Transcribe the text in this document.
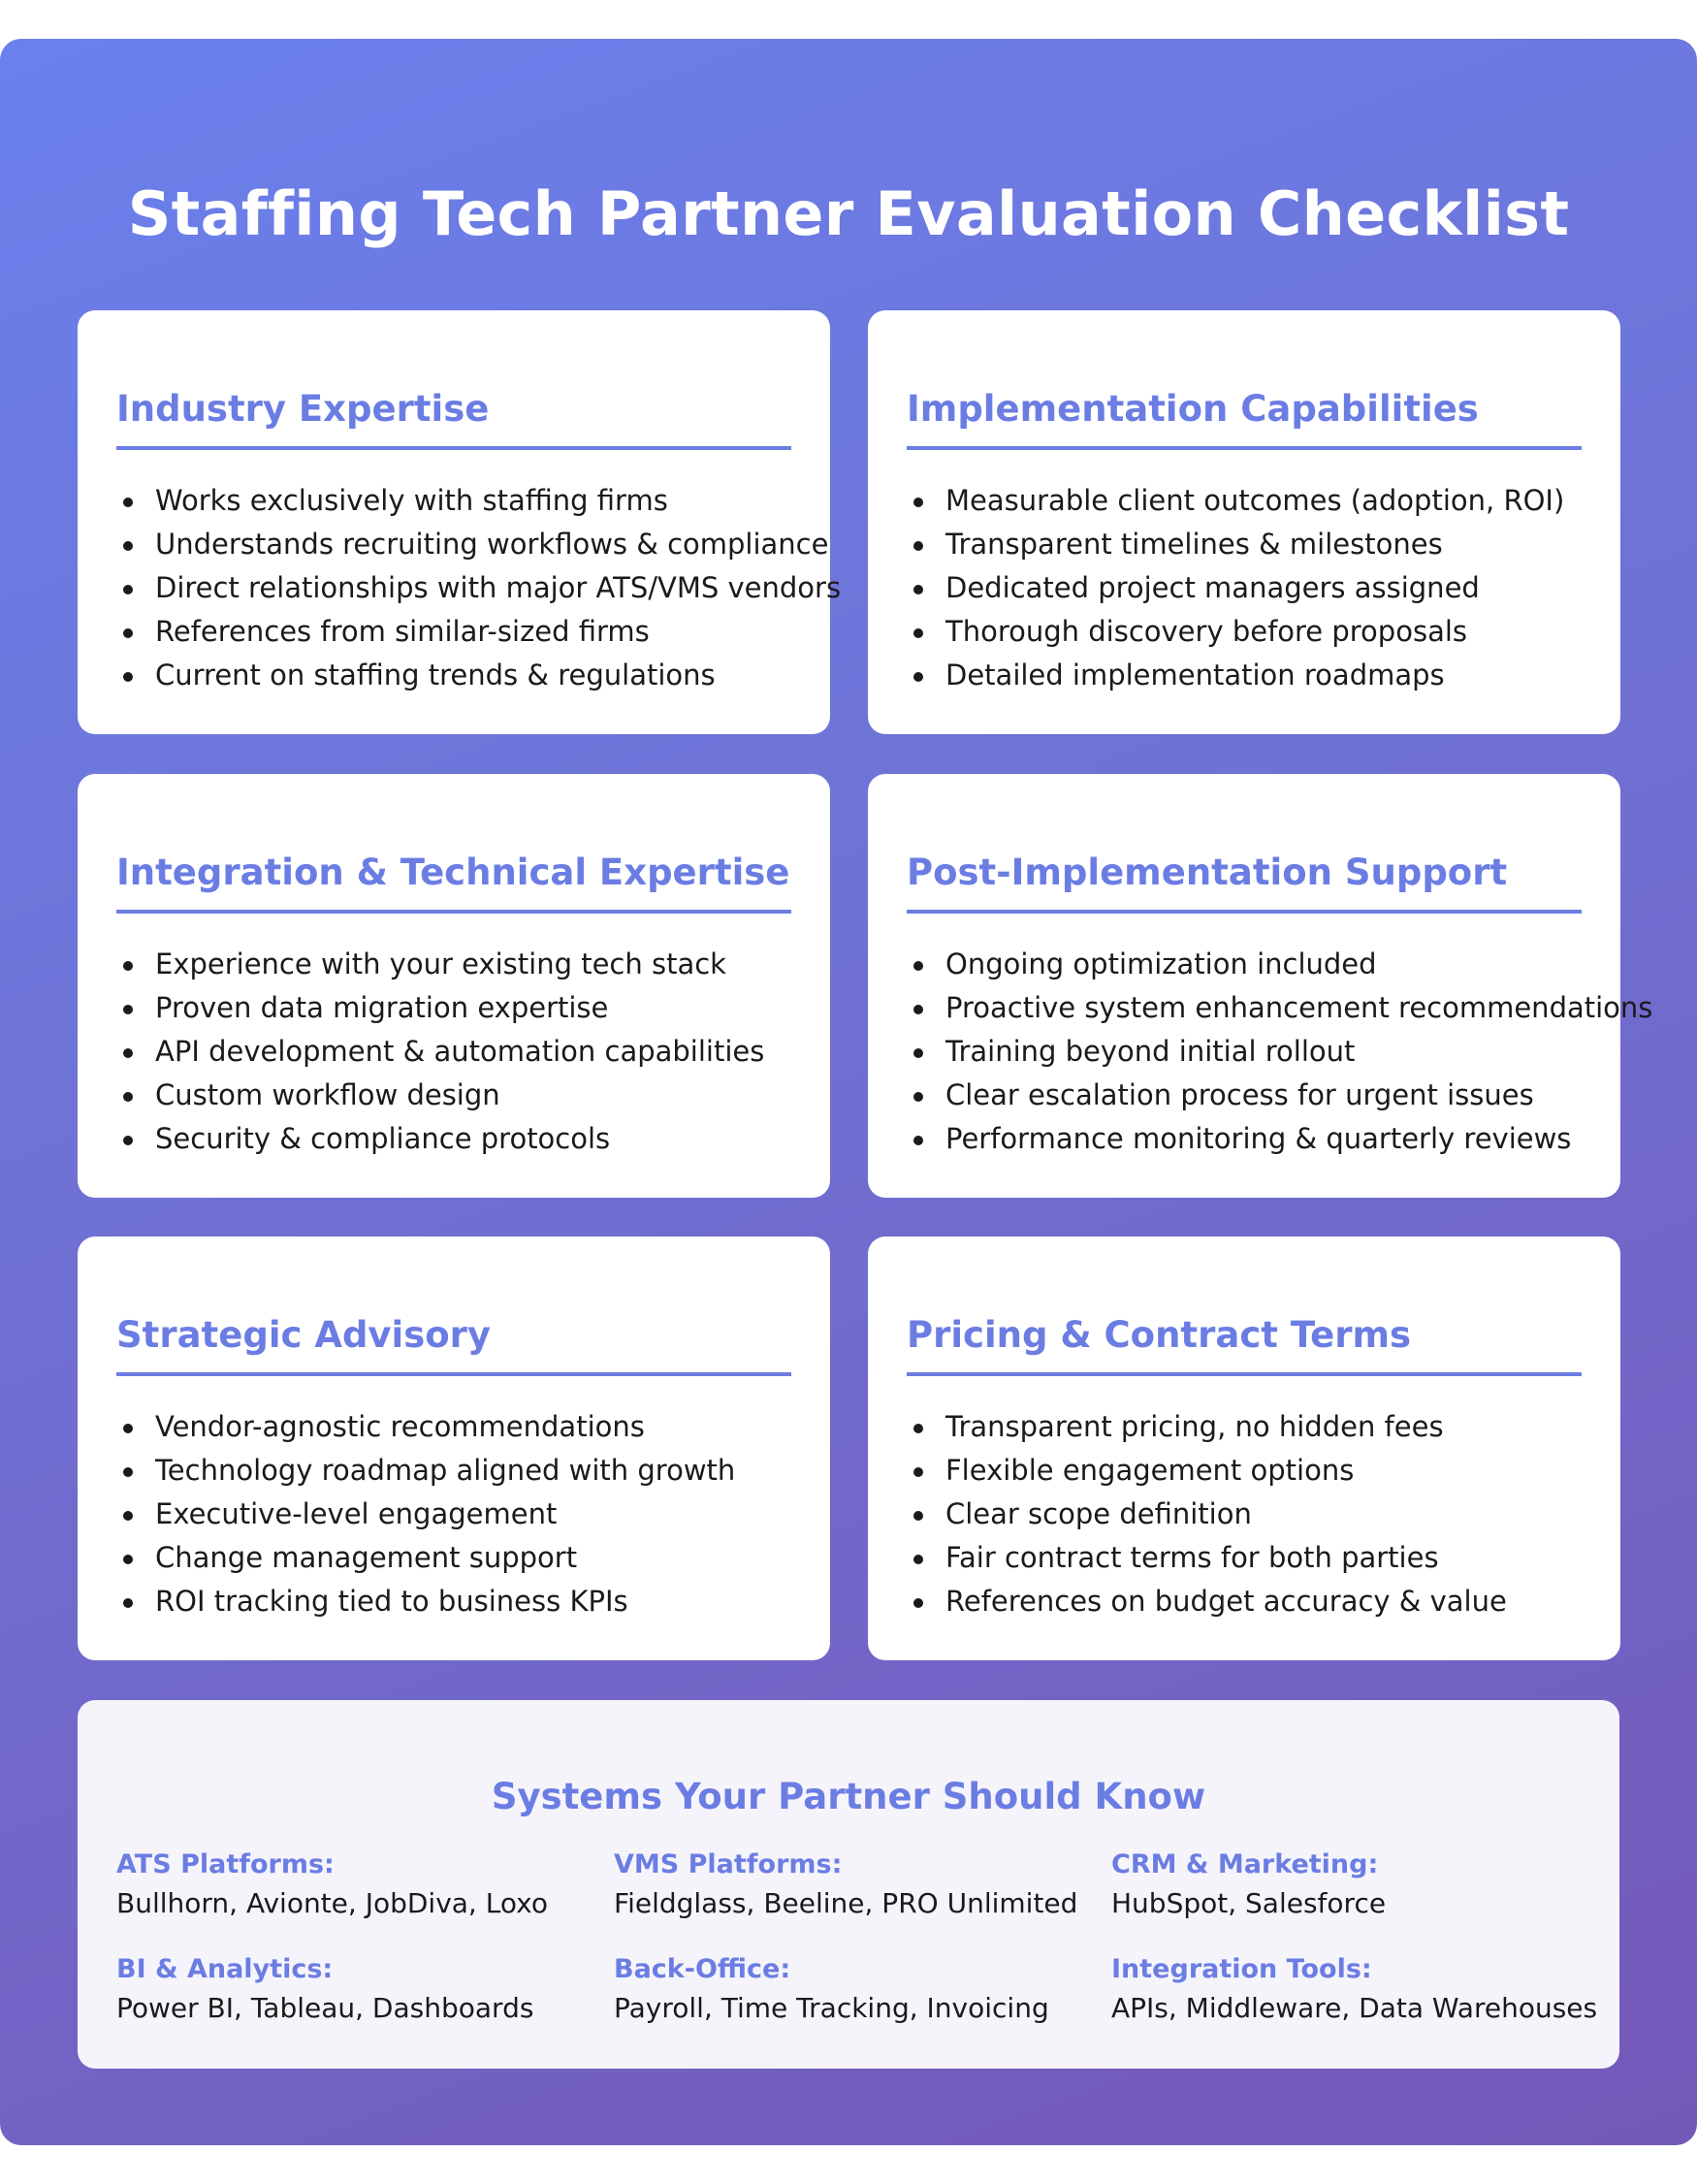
Staffing Tech Partner Evaluation Checklist
Industry Expertise
Works exclusively with staffing firms
Understands recruiting workflows & compliance
Direct relationships with major ATS/VMS vendors
References from similar-sized firms
Current on staffing trends & regulations
Implementation Capabilities
Measurable client outcomes (adoption, ROI)
Transparent timelines & milestones
Dedicated project managers assigned
Thorough discovery before proposals
Detailed implementation roadmaps
Integration & Technical Expertise
Experience with your existing tech stack
Proven data migration expertise
API development & automation capabilities
Custom workflow design
Security & compliance protocols
Post-Implementation Support
Ongoing optimization included
Proactive system enhancement recommendations
Training beyond initial rollout
Clear escalation process for urgent issues
Performance monitoring & quarterly reviews
Strategic Advisory
Vendor-agnostic recommendations
Technology roadmap aligned with growth
Executive-level engagement
Change management support
ROI tracking tied to business KPIs
Pricing & Contract Terms
Transparent pricing, no hidden fees
Flexible engagement options
Clear scope definition
Fair contract terms for both parties
References on budget accuracy & value
Systems Your Partner Should Know
ATS Platforms:
Bullhorn, Avionte, JobDiva, Loxo
VMS Platforms:
Fieldglass, Beeline, PRO Unlimited
CRM & Marketing:
HubSpot, Salesforce
BI & Analytics:
Power BI, Tableau, Dashboards
Back-Office:
Payroll, Time Tracking, Invoicing
Integration Tools:
APIs, Middleware, Data Warehouses
